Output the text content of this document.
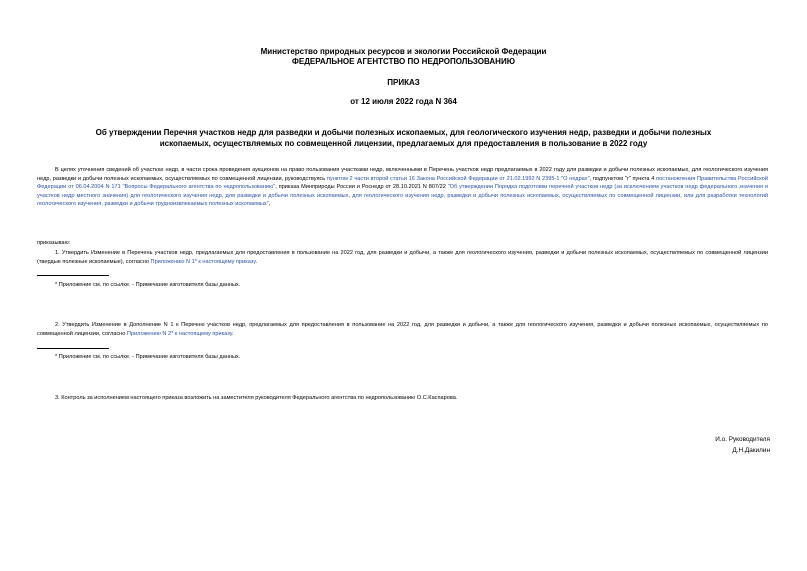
Министерство природных ресурсов и экологии Российской Федерации
ФЕДЕРАЛЬНОЕ АГЕНТСТВО ПО НЕДРОПОЛЬЗОВАНИЮ
ПРИКАЗ
от 12 июля 2022 года N 364
Об утверждении Перечня участков недр для разведки и добычи полезных ископаемых, для геологического изучения недр, разведки и добычи полезных
ископаемых, осуществляемых по совмещенной лицензии, предлагаемых для предоставления в пользование в 2022 году

В целях уточнения сведений об участках недр, в части срока проведения аукционов на право пользования участками недр, включенными в Перечень участков недр предлагаемых в 2022 году для разведки и добычи полезных ископаемых, для геологического изучения недр, разведки и добычи полезных ископаемых, осуществляемых по совмещенной лицензии, руководствуясь пунктом 2 части второй статьи 16 Закона Российской Федерации от 21.02.1992 N 2395-1 "О недрах", подпунктом "г" пункта 4 постановления Правительства Российской Федерации от 06.04.2004 N 171 "Вопросы Федерального агентства по недропользованию", приказа Минприроды России и Роснедр от 28.10.2021 N 807/22 "Об утверждении Порядка подготовки перечней участков недр (за исключением участков недр федерального значения и участков недр местного значения) для геологического изучения недр, для разведки и добычи полезных ископаемых, для геологического изучения недр, разведки и добычи полезных ископаемых, осуществляемых по совмещенной лицензии, или для разработки технологий геологического изучения, разведки и добычи трудноизвлекаемых полезных ископаемых",

приказываю:

1. Утвердить Изменение в Перечень участков недр, предлагаемых для предоставления в пользование на 2022 год, для разведки и добычи, а также для геологического изучения, разведки и добычи полезных ископаемых, осуществляемых по совмещенной лицензии (твердые полезные ископаемые), согласно Приложению N 1* к настоящему приказу.

* Приложение см. по ссылке. - Примечание изготовителя базы данных.

2. Утвердить Изменение в Дополнение N 1 к Перечню участков недр, предлагаемых для предоставления в пользование на 2022 год, для разведки и добычи, а также для геологического изучения, разведки и добычи полезных ископаемых, осуществляемых по совмещенной лицензии, согласно Приложению N 2* к настоящему приказу.

* Приложение см. по ссылке. - Примечание изготовителя базы данных.

3. Контроль за исполнением настоящего приказа возложить на заместителя руководителя Федерального агентства по недропользованию О.С.Каспарова.

И.о. Руководителя
Д.Н.Дакилин
